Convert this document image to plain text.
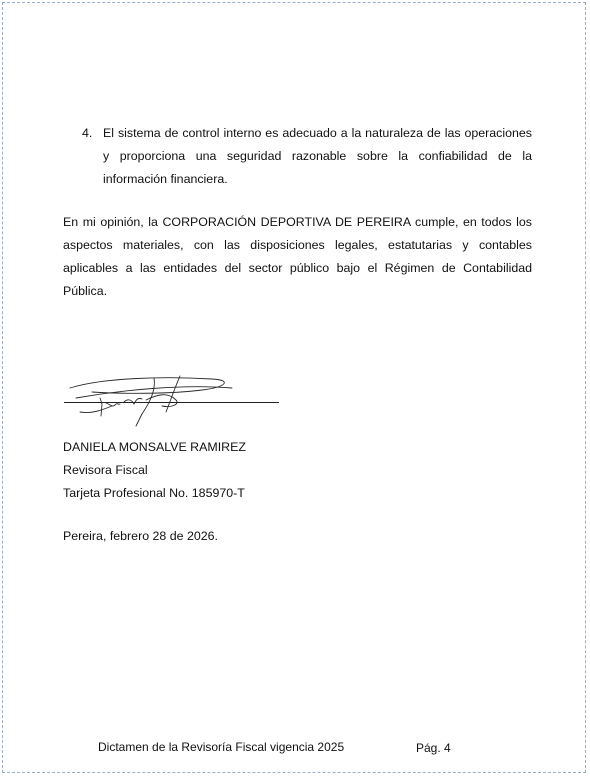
4. El sistema de control interno es adecuado a la naturaleza de las operaciones y proporciona una seguridad razonable sobre la confiabilidad de la información financiera.
En mi opinión, la CORPORACIÓN DEPORTIVA DE PEREIRA cumple, en todos los aspectos materiales, con las disposiciones legales, estatutarias y contables aplicables a las entidades del sector público bajo el Régimen de Contabilidad Pública.
DANIELA MONSALVE RAMIREZ
Revisora Fiscal
Tarjeta Profesional No. 185970-T
Pereira, febrero 28 de 2026.
Dictamen de la Revisoría Fiscal vigencia 2025	Pág. 4
